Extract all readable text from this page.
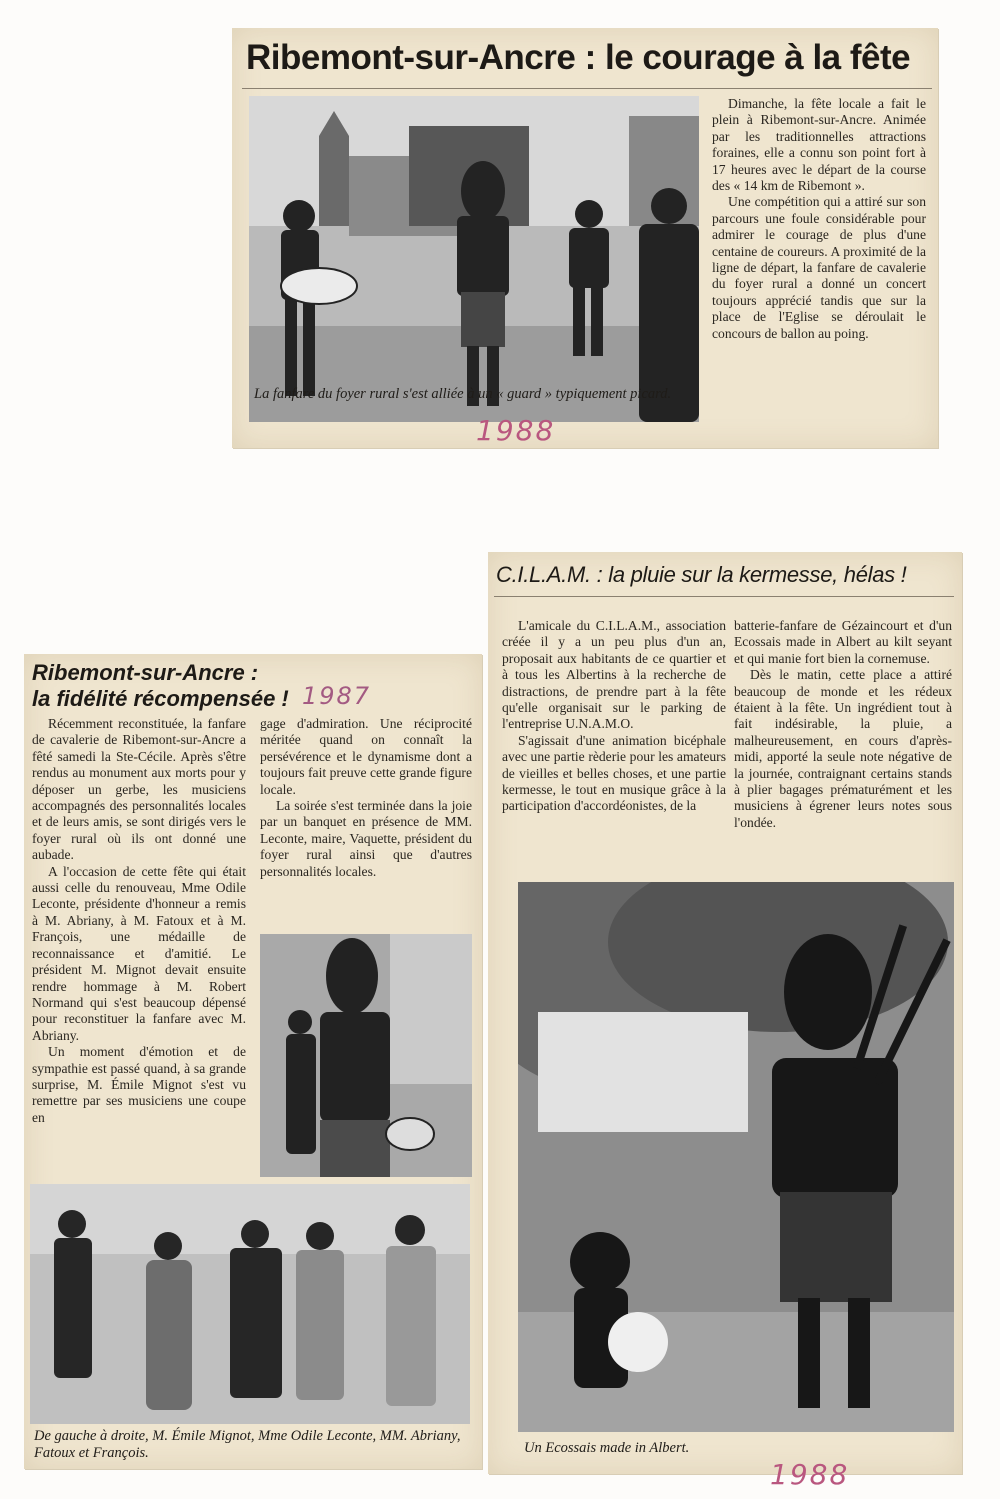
Ribemont-sur-Ancre : le courage à la fête

Dimanche, la fête locale a fait le plein à Ribemont-sur-Ancre. Animée par les traditionnelles attractions foraines, elle a connu son point fort à 17 heures avec le départ de la course des « 14 km de Ribemont ».

Une compétition qui a attiré sur son parcours une foule considérable pour admirer le courage de plus d'une centaine de coureurs. A proximité de la ligne de départ, la fanfare de cavalerie du foyer rural a donné un concert toujours apprécié tandis que sur la place de l'Eglise se déroulait le concours de ballon au poing.

La fanfare du foyer rural s'est alliée à un « guard » typiquement picard.

1988
Ribemont-sur-Ancre :
la fidélité récompensée ! 1987

Récemment reconstituée, la fanfare de cavalerie de Ribemont-sur-Ancre a fêté samedi la Ste-Cécile. Après s'être rendus au monument aux morts pour y déposer un gerbe, les musiciens accompagnés des personnalités locales et de leurs amis, se sont dirigés vers le foyer rural où ils ont donné une aubade.

A l'occasion de cette fête qui était aussi celle du renouveau, Mme Odile Leconte, présidente d'honneur a remis à M. Abriany, à M. Fatoux et à M. François, une médaille de reconnaissance et d'amitié. Le président M. Mignot devait ensuite rendre hommage à M. Robert Normand qui s'est beaucoup dépensé pour reconstituer la fanfare avec M. Abriany.

Un moment d'émotion et de sympathie est passé quand, à sa grande surprise, M. Émile Mignot s'est vu remettre par ses musiciens une coupe en

gage d'admiration. Une réciprocité méritée quand on connaît la persévérence et le dynamisme dont a toujours fait preuve cette grande figure locale.

La soirée s'est terminée dans la joie par un banquet en présence de MM. Leconte, maire, Vaquette, président du foyer rural ainsi que d'autres personnalités locales.

De gauche à droite, M. Émile Mignot, Mme Odile Leconte, MM. Abriany, Fatoux et François.

C.I.L.A.M. : la pluie sur la kermesse, hélas !

L'amicale du C.I.L.A.M., association créée il y a un peu plus d'un an, proposait aux habitants de ce quartier et à tous les Albertins à la recherche de distractions, de prendre part à la fête qu'elle organisait sur le parking de l'entreprise U.N.A.M.O.

S'agissait d'une animation bicéphale avec une partie rèderie pour les amateurs de vieilles et belles choses, et une partie kermesse, le tout en musique grâce à la participation d'accordéonistes, de la

batterie-fanfare de Gézaincourt et d'un Ecossais made in Albert au kilt seyant et qui manie fort bien la cornemuse.

Dès le matin, cette place a attiré beaucoup de monde et les rédeux étaient à la fête. Un ingrédient tout à fait indésirable, la pluie, a malheureusement, en cours d'après-midi, apporté la seule note négative de la journée, contraignant certains stands à plier bagages prématurément et les musiciens à égrener leurs notes sous l'ondée.

Un Ecossais made in Albert.

1988
